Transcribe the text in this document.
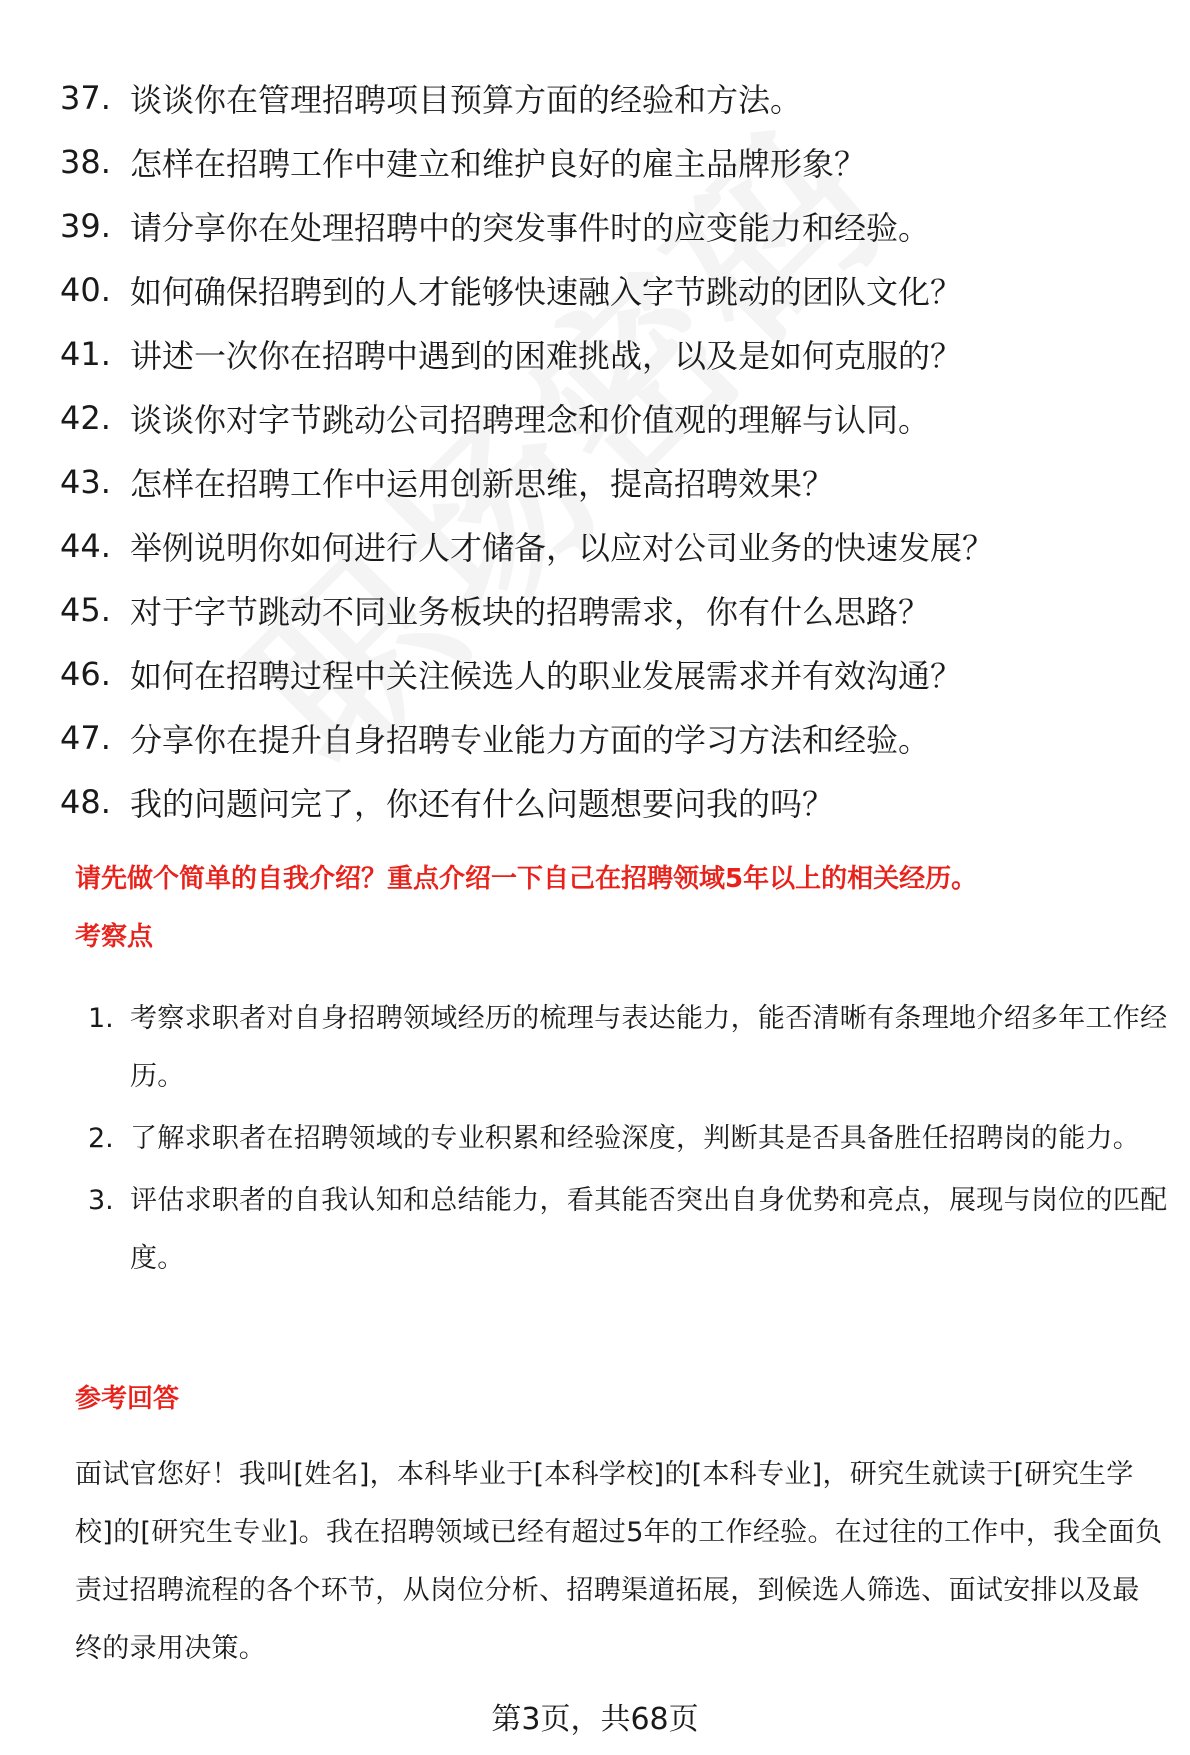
37. 谈谈你在管理招聘项目预算方面的经验和方法。
38. 怎样在招聘工作中建立和维护良好的雇主品牌形象？
39. 请分享你在处理招聘中的突发事件时的应变能力和经验。
40. 如何确保招聘到的人才能够快速融入字节跳动的团队文化？
41. 讲述一次你在招聘中遇到的困难挑战，以及是如何克服的？
42. 谈谈你对字节跳动公司招聘理念和价值观的理解与认同。
43. 怎样在招聘工作中运用创新思维，提高招聘效果？
44. 举例说明你如何进行人才储备，以应对公司业务的快速发展？
45. 对于字节跳动不同业务板块的招聘需求，你有什么思路？
46. 如何在招聘过程中关注候选人的职业发展需求并有效沟通？
47. 分享你在提升自身招聘专业能力方面的学习方法和经验。
48. 我的问题问完了，你还有什么问题想要问我的吗？
请先做个简单的自我介绍？重点介绍一下自己在招聘领域5年以上的相关经历。
考察点
1. 考察求职者对自身招聘领域经历的梳理与表达能力，能否清晰有条理地介绍多年工作经历。
2. 了解求职者在招聘领域的专业积累和经验深度，判断其是否具备胜任招聘岗的能力。
3. 评估求职者的自我认知和总结能力，看其能否突出自身优势和亮点，展现与岗位的匹配度。
参考回答
面试官您好！我叫[姓名]，本科毕业于[本科学校]的[本科专业]，研究生就读于[研究生学校]的[研究生专业]。我在招聘领域已经有超过5年的工作经验。在过往的工作中，我全面负责过招聘流程的各个环节，从岗位分析、招聘渠道拓展，到候选人筛选、面试安排以及最终的录用决策。
第3页，共68页
